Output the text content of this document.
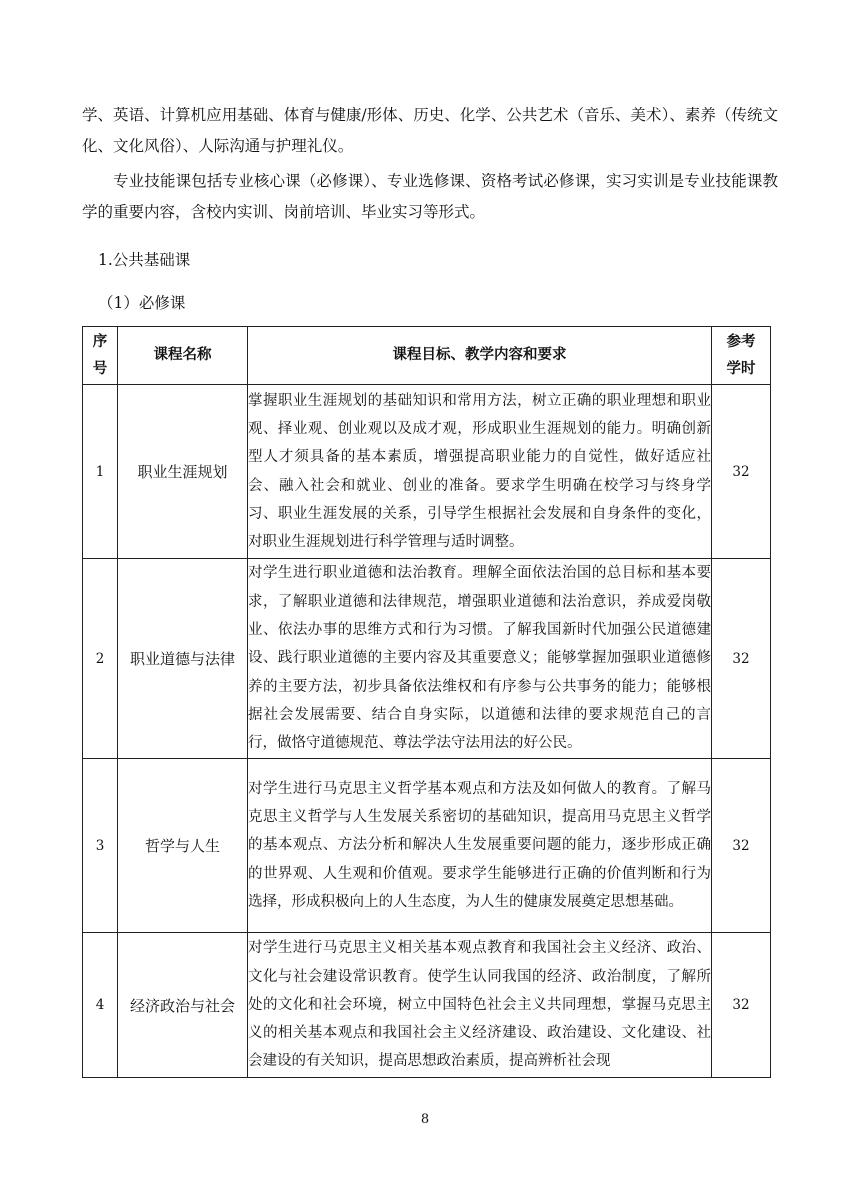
学、英语、计算机应用基础、体育与健康/形体、历史、化学、公共艺术（音乐、美术）、素养（传统文化、文化风俗）、人际沟通与护理礼仪。

专业技能课包括专业核心课（必修课）、专业选修课、资格考试必修课，实习实训是专业技能课教学的重要内容，含校内实训、岗前培训、毕业实习等形式。

1.公共基础课

（1）必修课

序号	课程名称	课程目标、教学内容和要求	参考学时
1	职业生涯规划	掌握职业生涯规划的基础知识和常用方法，树立正确的职业理想和职业观、择业观、创业观以及成才观，形成职业生涯规划的能力。明确创新型人才须具备的基本素质，增强提高职业能力的自觉性，做好适应社会、融入社会和就业、创业的准备。要求学生明确在校学习与终身学习、职业生涯发展的关系，引导学生根据社会发展和自身条件的变化，对职业生涯规划进行科学管理与适时调整。	32
2	职业道德与法律	对学生进行职业道德和法治教育。理解全面依法治国的总目标和基本要求，了解职业道德和法律规范，增强职业道德和法治意识，养成爱岗敬业、依法办事的思维方式和行为习惯。了解我国新时代加强公民道德建设、践行职业道德的主要内容及其重要意义；能够掌握加强职业道德修养的主要方法，初步具备依法维权和有序参与公共事务的能力；能够根据社会发展需要、结合自身实际，以道德和法律的要求规范自己的言行，做恪守道德规范、尊法学法守法用法的好公民。	32
3	哲学与人生	对学生进行马克思主义哲学基本观点和方法及如何做人的教育。了解马克思主义哲学与人生发展关系密切的基础知识，提高用马克思主义哲学的基本观点、方法分析和解决人生发展重要问题的能力，逐步形成正确的世界观、人生观和价值观。要求学生能够进行正确的价值判断和行为选择，形成积极向上的人生态度，为人生的健康发展奠定思想基础。	32
4	经济政治与社会	对学生进行马克思主义相关基本观点教育和我国社会主义经济、政治、文化与社会建设常识教育。使学生认同我国的经济、政治制度，了解所处的文化和社会环境，树立中国特色社会主义共同理想，掌握马克思主义的相关基本观点和我国社会主义经济建设、政治建设、文化建设、社会建设的有关知识，提高思想政治素质，提高辨析社会现	32
8
